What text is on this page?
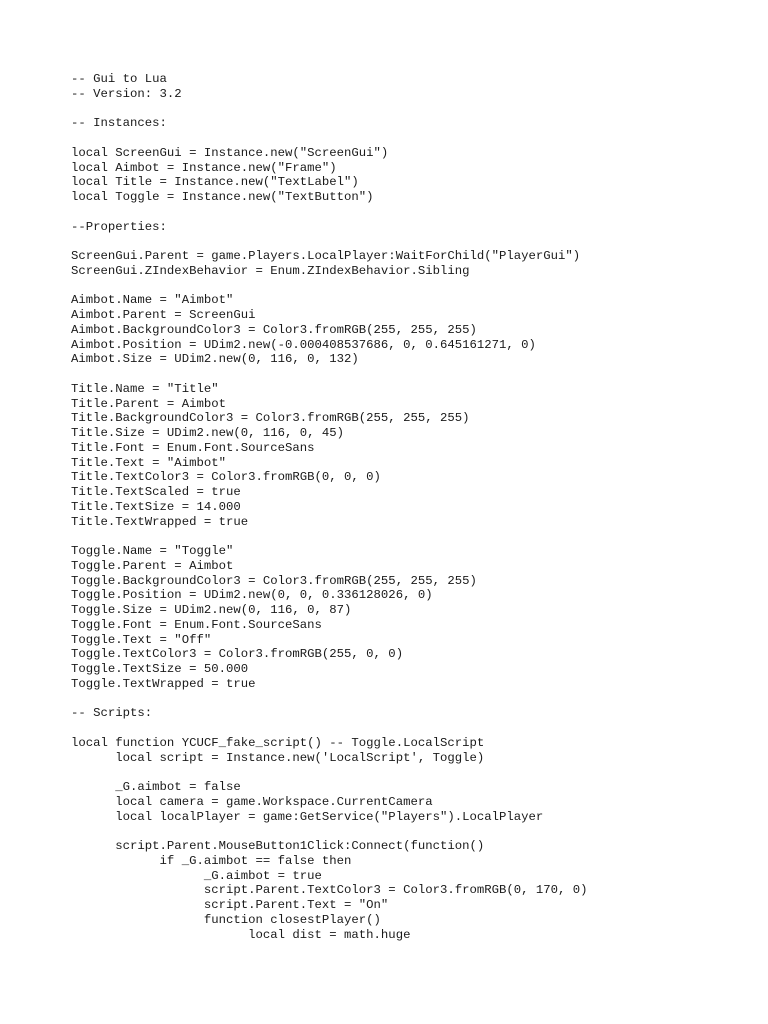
-- Gui to Lua
-- Version: 3.2
-- Instances:
local ScreenGui = Instance.new("ScreenGui")
local Aimbot = Instance.new("Frame")
local Title = Instance.new("TextLabel")
local Toggle = Instance.new("TextButton")
--Properties:
ScreenGui.Parent = game.Players.LocalPlayer:WaitForChild("PlayerGui")
ScreenGui.ZIndexBehavior = Enum.ZIndexBehavior.Sibling
Aimbot.Name = "Aimbot"
Aimbot.Parent = ScreenGui
Aimbot.BackgroundColor3 = Color3.fromRGB(255, 255, 255)
Aimbot.Position = UDim2.new(-0.000408537686, 0, 0.645161271, 0)
Aimbot.Size = UDim2.new(0, 116, 0, 132)
Title.Name = "Title"
Title.Parent = Aimbot
Title.BackgroundColor3 = Color3.fromRGB(255, 255, 255)
Title.Size = UDim2.new(0, 116, 0, 45)
Title.Font = Enum.Font.SourceSans
Title.Text = "Aimbot"
Title.TextColor3 = Color3.fromRGB(0, 0, 0)
Title.TextScaled = true
Title.TextSize = 14.000
Title.TextWrapped = true
Toggle.Name = "Toggle"
Toggle.Parent = Aimbot
Toggle.BackgroundColor3 = Color3.fromRGB(255, 255, 255)
Toggle.Position = UDim2.new(0, 0, 0.336128026, 0)
Toggle.Size = UDim2.new(0, 116, 0, 87)
Toggle.Font = Enum.Font.SourceSans
Toggle.Text = "Off"
Toggle.TextColor3 = Color3.fromRGB(255, 0, 0)
Toggle.TextSize = 50.000
Toggle.TextWrapped = true
-- Scripts:
local function YCUCF_fake_script() -- Toggle.LocalScript
local script = Instance.new('LocalScript', Toggle)
_G.aimbot = false
local camera = game.Workspace.CurrentCamera
local localPlayer = game:GetService("Players").LocalPlayer
script.Parent.MouseButton1Click:Connect(function()
if _G.aimbot == false then
_G.aimbot = true
script.Parent.TextColor3 = Color3.fromRGB(0, 170, 0)
script.Parent.Text = "On"
function closestPlayer()
local dist = math.huge
